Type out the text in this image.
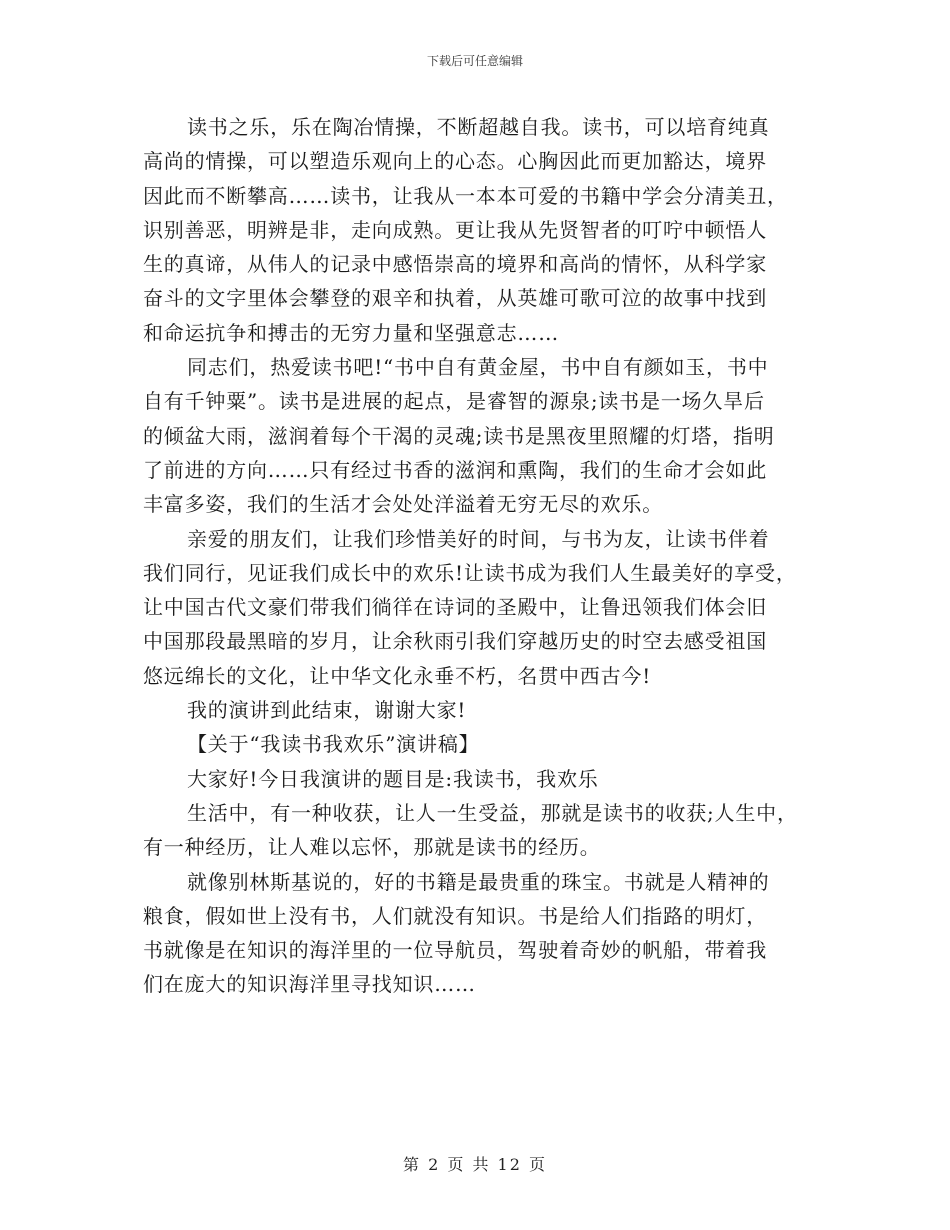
下载后可任意编辑
读书之乐，乐在陶冶情操，不断超越自我。读书，可以培育纯真
高尚的情操，可以塑造乐观向上的心态。心胸因此而更加豁达，境界
因此而不断攀高……读书，让我从一本本可爱的书籍中学会分清美丑，
识别善恶，明辨是非，走向成熟。更让我从先贤智者的叮咛中顿悟人
生的真谛，从伟人的记录中感悟崇高的境界和高尚的情怀，从科学家
奋斗的文字里体会攀登的艰辛和执着，从英雄可歌可泣的故事中找到
和命运抗争和搏击的无穷力量和坚强意志……
同志们，热爱读书吧!“书中自有黄金屋，书中自有颜如玉，书中
自有千钟粟”。读书是进展的起点，是睿智的源泉;读书是一场久旱后
的倾盆大雨，滋润着每个干渴的灵魂;读书是黑夜里照耀的灯塔，指明
了前进的方向……只有经过书香的滋润和熏陶，我们的生命才会如此
丰富多姿，我们的生活才会处处洋溢着无穷无尽的欢乐。
亲爱的朋友们，让我们珍惜美好的时间，与书为友，让读书伴着
我们同行，见证我们成长中的欢乐!让读书成为我们人生最美好的享受，
让中国古代文豪们带我们徜徉在诗词的圣殿中，让鲁迅领我们体会旧
中国那段最黑暗的岁月，让余秋雨引我们穿越历史的时空去感受祖国
悠远绵长的文化，让中华文化永垂不朽，名贯中西古今!
我的演讲到此结束，谢谢大家!
【关于“我读书我欢乐”演讲稿】
大家好!今日我演讲的题目是:我读书，我欢乐
生活中，有一种收获，让人一生受益，那就是读书的收获;人生中，
有一种经历，让人难以忘怀，那就是读书的经历。
就像别林斯基说的，好的书籍是最贵重的珠宝。书就是人精神的
粮食，假如世上没有书，人们就没有知识。书是给人们指路的明灯，
书就像是在知识的海洋里的一位导航员，驾驶着奇妙的帆船，带着我
们在庞大的知识海洋里寻找知识……
第 2 页 共 12 页
